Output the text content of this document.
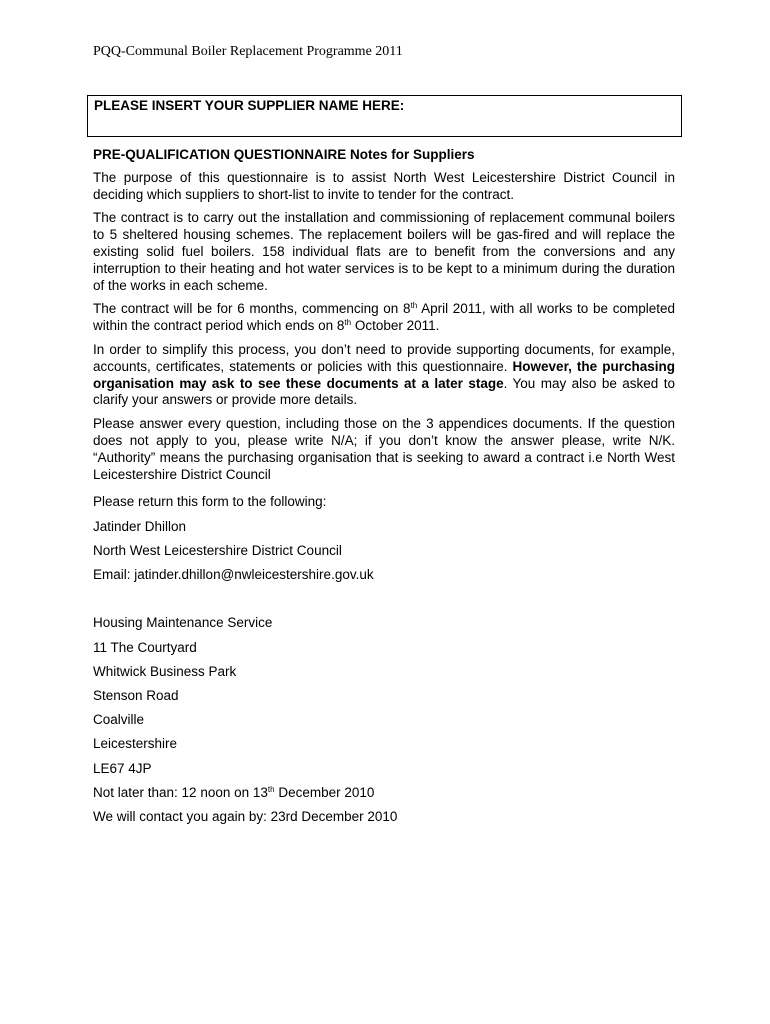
PQQ-Communal Boiler Replacement Programme 2011
PLEASE INSERT YOUR SUPPLIER NAME HERE:

PRE-QUALIFICATION QUESTIONNAIRE Notes for Suppliers

The purpose of this questionnaire is to assist North West Leicestershire District Council in deciding which suppliers to short-list to invite to tender for the contract.

The contract is to carry out the installation and commissioning of replacement communal boilers to 5 sheltered housing schemes. The replacement boilers will be gas-fired and will replace the existing solid fuel boilers. 158 individual flats are to benefit from the conversions and any interruption to their heating and hot water services is to be kept to a minimum during the duration of the works in each scheme.

The contract will be for 6 months, commencing on 8th April 2011, with all works to be completed within the contract period which ends on 8th October 2011.

In order to simplify this process, you don’t need to provide supporting documents, for example, accounts, certificates, statements or policies with this questionnaire. However, the purchasing organisation may ask to see these documents at a later stage. You may also be asked to clarify your answers or provide more details.

Please answer every question, including those on the 3 appendices documents. If the question does not apply to you, please write N/A; if you don’t know the answer please, write N/K. “Authority” means the purchasing organisation that is seeking to award a contract i.e North West Leicestershire District Council

Please return this form to the following:

Jatinder Dhillon

North West Leicestershire District Council

Email: jatinder.dhillon@nwleicestershire.gov.uk

Housing Maintenance Service

11 The Courtyard

Whitwick Business Park

Stenson Road

Coalville

Leicestershire

LE67 4JP

Not later than: 12 noon on 13th December 2010

We will contact you again by: 23rd December 2010
